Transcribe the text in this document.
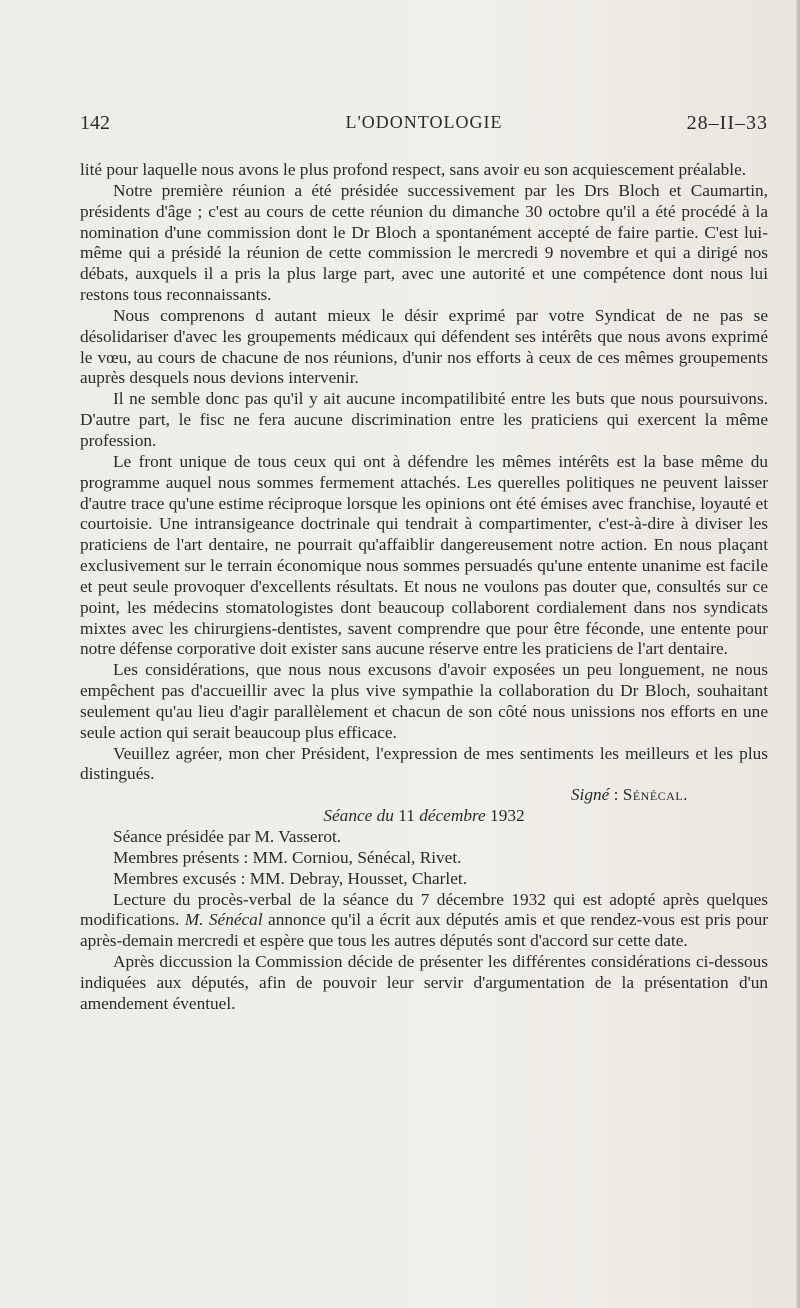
142	L'ODONTOLOGIE	28–II–33

lité pour laquelle nous avons le plus profond respect, sans avoir eu son acquiescement préalable.

Notre première réunion a été présidée successivement par les Drs Bloch et Caumartin, présidents d'âge ; c'est au cours de cette réunion du dimanche 30 octobre qu'il a été procédé à la nomination d'une commission dont le Dr Bloch a spontanément accepté de faire partie. C'est lui-même qui a présidé la réunion de cette commission le mercredi 9 novembre et qui a dirigé nos débats, auxquels il a pris la plus large part, avec une autorité et une compétence dont nous lui restons tous reconnaissants.

Nous comprenons d autant mieux le désir exprimé par votre Syndicat de ne pas se désolidariser d'avec les groupements médicaux qui défendent ses intérêts que nous avons exprimé le vœu, au cours de chacune de nos réunions, d'unir nos efforts à ceux de ces mêmes groupements auprès desquels nous devions intervenir.

Il ne semble donc pas qu'il y ait aucune incompatilibité entre les buts que nous poursuivons. D'autre part, le fisc ne fera aucune discrimination entre les praticiens qui exercent la même profession.

Le front unique de tous ceux qui ont à défendre les mêmes intérêts est la base même du programme auquel nous sommes fermement attachés. Les querelles politiques ne peuvent laisser d'autre trace qu'une estime réciproque lorsque les opinions ont été émises avec franchise, loyauté et courtoisie. Une intransigeance doctrinale qui tendrait à compartimenter, c'est-à-dire à diviser les praticiens de l'art dentaire, ne pourrait qu'affaiblir dangereusement notre action. En nous plaçant exclusivement sur le terrain économique nous sommes persuadés qu'une entente unanime est facile et peut seule provoquer d'excellents résultats. Et nous ne voulons pas douter que, consultés sur ce point, les médecins stomatologistes dont beaucoup collaborent cordialement dans nos syndicats mixtes avec les chirurgiens-dentistes, savent comprendre que pour être féconde, une entente pour notre défense corporative doit exister sans aucune réserve entre les praticiens de l'art dentaire.

Les considérations, que nous nous excusons d'avoir exposées un peu longuement, ne nous empêchent pas d'accueillir avec la plus vive sympathie la collaboration du Dr Bloch, souhaitant seulement qu'au lieu d'agir parallèlement et chacun de son côté nous unissions nos efforts en une seule action qui serait beaucoup plus efficace.

Veuillez agréer, mon cher Président, l'expression de mes sentiments les meilleurs et les plus distingués.

Signé : Sénécal.

Séance du 11 décembre 1932

Séance présidée par M. Vasserot.

Membres présents : MM. Corniou, Sénécal, Rivet.

Membres excusés : MM. Debray, Housset, Charlet.

Lecture du procès-verbal de la séance du 7 décembre 1932 qui est adopté après quelques modifications. M. Sénécal annonce qu'il a écrit aux députés amis et que rendez-vous est pris pour après-demain mercredi et espère que tous les autres députés sont d'accord sur cette date.

Après diccussion la Commission décide de présenter les différentes considérations ci-dessous indiquées aux députés, afin de pouvoir leur servir d'argumentation de la présentation d'un amendement éventuel.
